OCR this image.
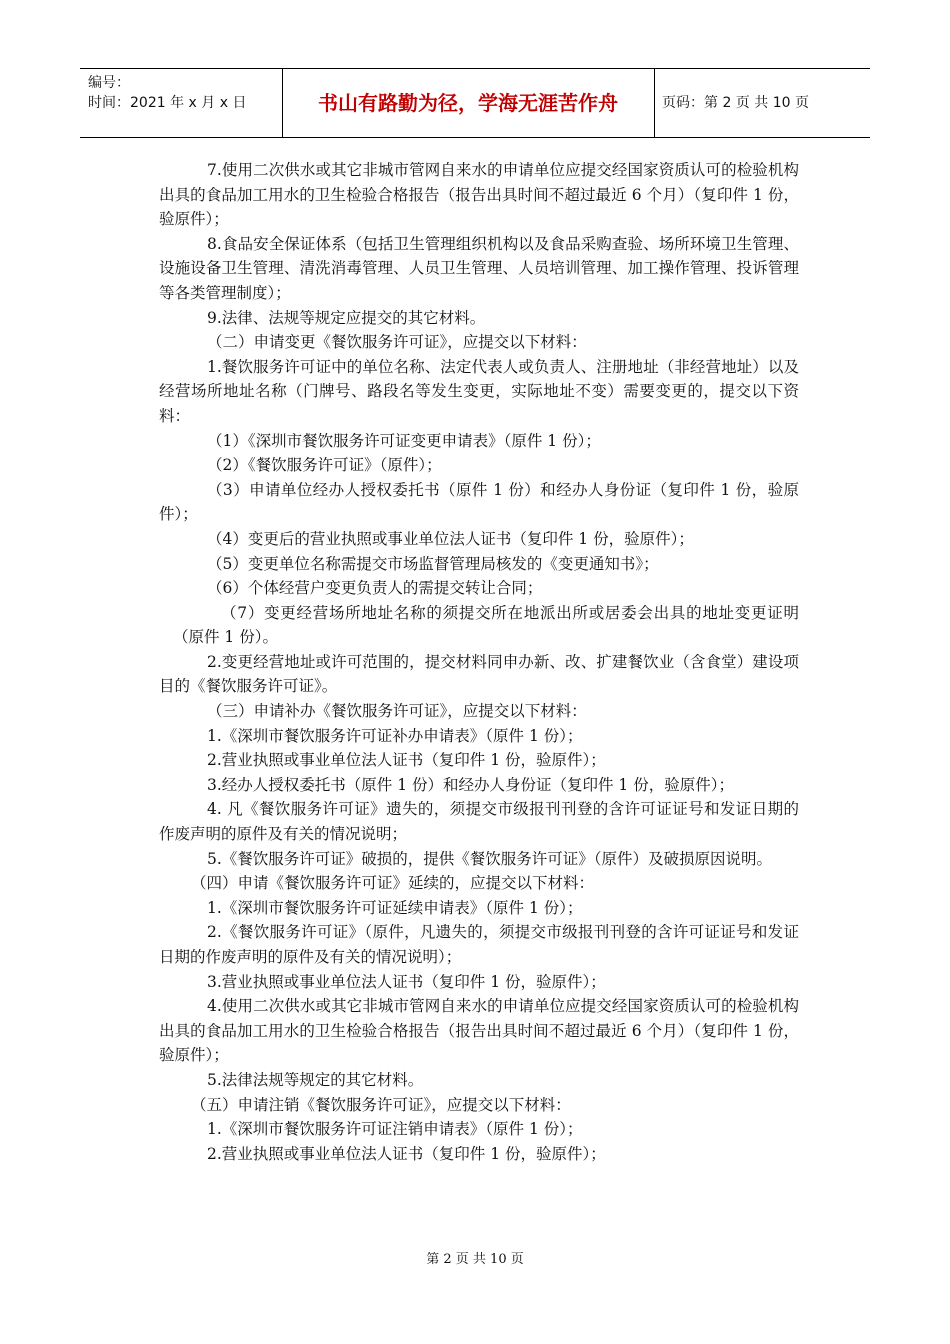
编号：
时间：2021 年 x 月 x 日	书山有路勤为径，学海无涯苦作舟	页码：第 2 页 共 10 页

7.使用二次供水或其它非城市管网自来水的申请单位应提交经国家资质认可的检验机构出具的食品加工用水的卫生检验合格报告（报告出具时间不超过最近 6 个月）（复印件 1 份，验原件）；

8.食品安全保证体系（包括卫生管理组织机构以及食品采购查验、场所环境卫生管理、设施设备卫生管理、清洗消毒管理、人员卫生管理、人员培训管理、加工操作管理、投诉管理等各类管理制度）；

9.法律、法规等规定应提交的其它材料。

（二）申请变更《餐饮服务许可证》，应提交以下材料：

1.餐饮服务许可证中的单位名称、法定代表人或负责人、注册地址（非经营地址）以及经营场所地址名称（门牌号、路段名等发生变更，实际地址不变）需要变更的，提交以下资料：

（1）《深圳市餐饮服务许可证变更申请表》（原件 1 份）；

（2）《餐饮服务许可证》（原件）；

（3）申请单位经办人授权委托书（原件 1 份）和经办人身份证（复印件 1 份，验原件）；

（4）变更后的营业执照或事业单位法人证书（复印件 1 份，验原件）；

（5）变更单位名称需提交市场监督管理局核发的《变更通知书》；

（6）个体经营户变更负责人的需提交转让合同；

（7）变更经营场所地址名称的须提交所在地派出所或居委会出具的地址变更证明（原件 1 份）。

2.变更经营地址或许可范围的，提交材料同申办新、改、扩建餐饮业（含食堂）建设项目的《餐饮服务许可证》。

（三）申请补办《餐饮服务许可证》，应提交以下材料：

1.《深圳市餐饮服务许可证补办申请表》（原件 1 份）；

2.营业执照或事业单位法人证书（复印件 1 份，验原件）；

3.经办人授权委托书（原件 1 份）和经办人身份证（复印件 1 份，验原件）；

4. 凡《餐饮服务许可证》遗失的，须提交市级报刊刊登的含许可证证号和发证日期的作废声明的原件及有关的情况说明；

5.《餐饮服务许可证》破损的，提供《餐饮服务许可证》（原件）及破损原因说明。

（四）申请《餐饮服务许可证》延续的，应提交以下材料：

1.《深圳市餐饮服务许可证延续申请表》（原件 1 份）；

2.《餐饮服务许可证》（原件，凡遗失的，须提交市级报刊刊登的含许可证证号和发证日期的作废声明的原件及有关的情况说明）；

3.营业执照或事业单位法人证书（复印件 1 份，验原件）；

4.使用二次供水或其它非城市管网自来水的申请单位应提交经国家资质认可的检验机构出具的食品加工用水的卫生检验合格报告（报告出具时间不超过最近 6 个月）（复印件 1 份，验原件）；

5.法律法规等规定的其它材料。

（五）申请注销《餐饮服务许可证》，应提交以下材料：

1.《深圳市餐饮服务许可证注销申请表》（原件 1 份）；

2.营业执照或事业单位法人证书（复印件 1 份，验原件）；

第 2 页 共 10 页
